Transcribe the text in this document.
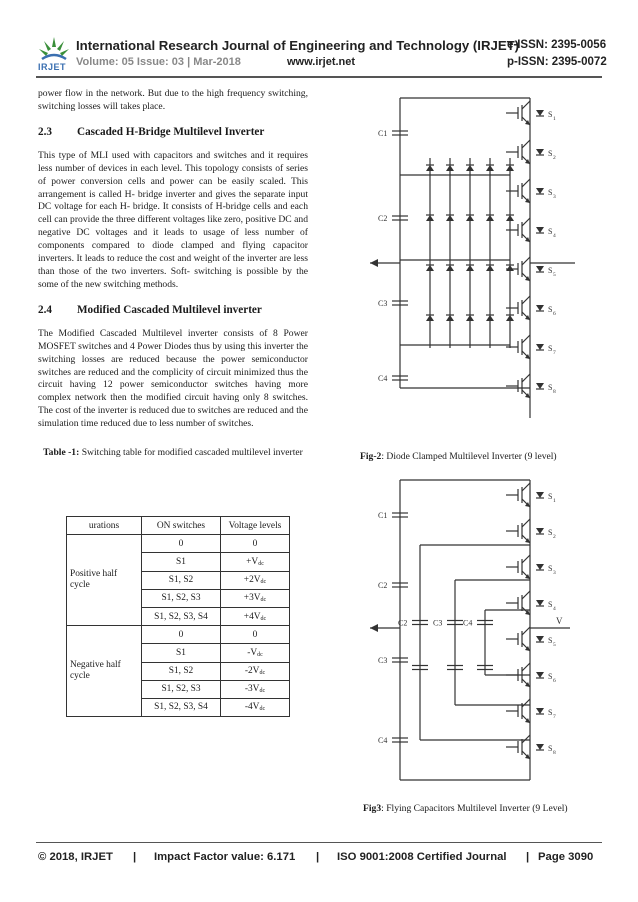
IRJET
International Research Journal of Engineering and Technology (IRJET)
e-ISSN: 2395-0056
Volume: 05 Issue: 03 | Mar-2018	www.irjet.net	p-ISSN: 2395-0072

power flow in the network. But due to the high frequency switching, switching losses will takes place.

2.3 Cascaded H-Bridge Multilevel Inverter

This type of MLI used with capacitors and switches and it requires less number of devices in each level. This topology consists of series of power conversion cells and power can be easily scaled. This arrangement is called H- bridge inverter and gives the separate input DC voltage for each H- bridge. It consists of H-bridge cells and each cell can provide the three different voltages like zero, positive DC and negative DC voltages and it leads to usage of less number of components compared to diode clamped and flying capacitor inverters. It leads to reduce the cost and weight of the inverter are less than those of the two inverters. Soft- switching is possible by the some of the new switching methods.

2.4 Modified Cascaded Multilevel inverter

The Modified Cascaded Multilevel inverter consists of 8 Power MOSFET switches and 4 Power Diodes thus by using this inverter the switching losses are reduced because the power semiconductor switches are reduced and the complicity of circuit minimized thus the circuit having 12 power semiconductor switches having more complex network then the modified circuit having only 8 switches. The cost of the inverter is reduced due to switches are reduced and the simulation time reduced due to less number of switches.

Table -1: Switching table for modified cascaded multilevel inverter
urations	ON switches	Voltage levels
Positive half cycle	0	0
	S1	$+V_{dc}$
	S1, S2	$+2V_{dc}$
	S1, S2, S3	$+3V_{dc}$
	S1, S2, S3, S4	$+4V_{dc}$
Negative half cycle	0	0
	S1	$-V_{dc}$
	S1, S2	$-2V_{dc}$
	S1, S2, S3	$-3V_{dc}$
	S1, S2, S3, S4	$-4V_{dc}$
C1
C2
C3
C4
S 1
S 2
S 3
S 4
S 5
S 6
S 7
S 8
Fig-2: Diode Clamped Multilevel Inverter (9 level)
C1
C2
C3
C4
S 1
S 2
S 3
S 4
S 5
S 6
S 7
S 8
C2	C3	C4	V
Fig3: Flying Capacitors Multilevel Inverter (9 Level)
© 2018, IRJET | Impact Factor value: 6.171 | ISO 9001:2008 Certified Journal | Page 3090
